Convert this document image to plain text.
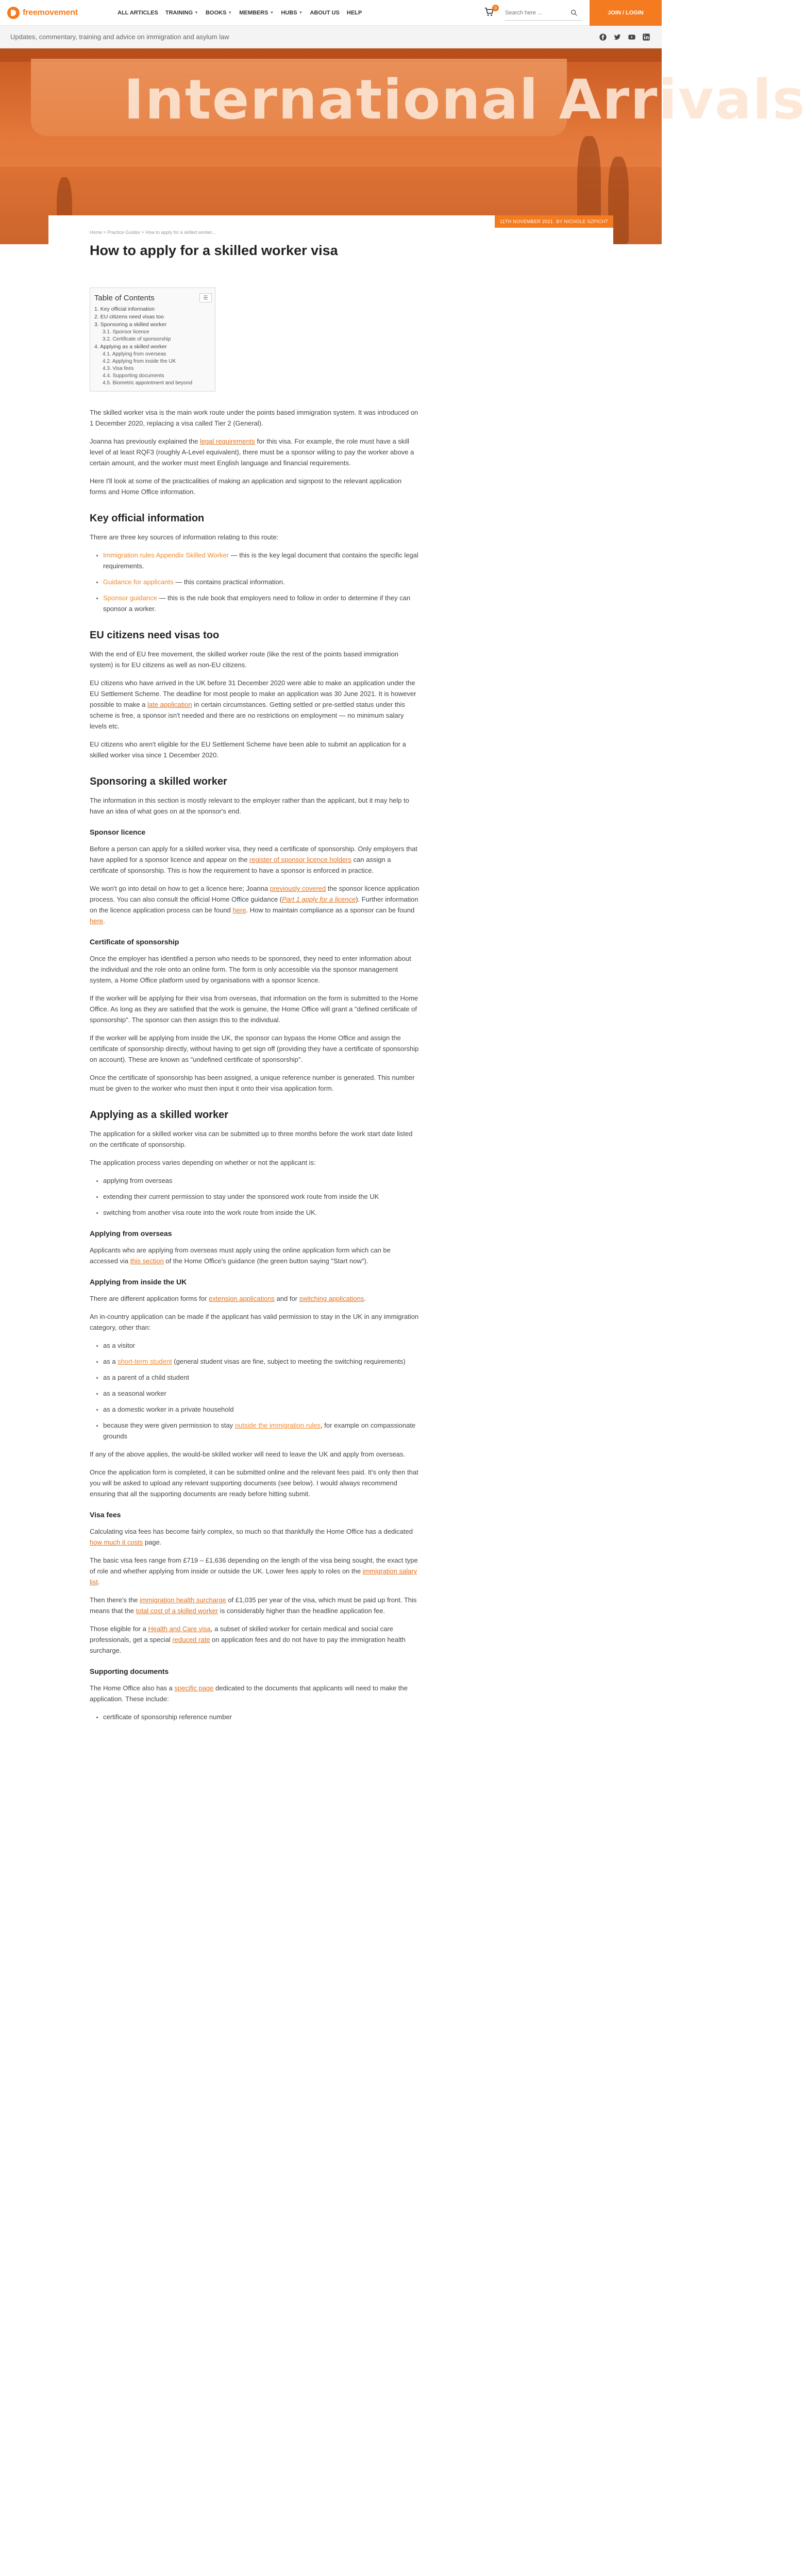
freemovement	ALL ARTICLES TRAINING ▼ BOOKS ▼ MEMBERS ▼ HUBS ▼ ABOUT US HELP
0
Search here ...
JOIN / LOGIN
Updates, commentary, training and advice on immigration and asylum law
International Arrivals
11TH NOVEMBER 2021 BY NICHOLE SZPICHT
Home > Practice Guides > How to apply for a skilled worker...
How to apply for a skilled worker visa
Table of Contents	☰
1. Key official information
2. EU citizens need visas too
3. Sponsoring a skilled worker
3.1. Sponsor licence
3.2. Certificate of sponsorship
4. Applying as a skilled worker
4.1. Applying from overseas
4.2. Applying from inside the UK
4.3. Visa fees
4.4. Supporting documents
4.5. Biometric appointment and beyond

The skilled worker visa is the main work route under the points based immigration system. It was introduced on 1 December 2020, replacing a visa called Tier 2 (General).

Joanna has previously explained the legal requirements for this visa. For example, the role must have a skill level of at least RQF3 (roughly A-Level equivalent), there must be a sponsor willing to pay the worker above a certain amount, and the worker must meet English language and financial requirements.

Here I'll look at some of the practicalities of making an application and signpost to the relevant application forms and Home Office information.

Key official information

There are three key sources of information relating to this route:

• Immigration rules Appendix Skilled Worker — this is the key legal document that contains the specific legal requirements.
• Guidance for applicants — this contains practical information.
• Sponsor guidance — this is the rule book that employers need to follow in order to determine if they can sponsor a worker.
EU citizens need visas too

With the end of EU free movement, the skilled worker route (like the rest of the points based immigration system) is for EU citizens as well as non-EU citizens.

EU citizens who have arrived in the UK before 31 December 2020 were able to make an application under the EU Settlement Scheme. The deadline for most people to make an application was 30 June 2021. It is however possible to make a late application in certain circumstances. Getting settled or pre-settled status under this scheme is free, a sponsor isn't needed and there are no restrictions on employment — no minimum salary levels etc.

EU citizens who aren't eligible for the EU Settlement Scheme have been able to submit an application for a skilled worker visa since 1 December 2020.

Sponsoring a skilled worker

The information in this section is mostly relevant to the employer rather than the applicant, but it may help to have an idea of what goes on at the sponsor's end.

Sponsor licence

Before a person can apply for a skilled worker visa, they need a certificate of sponsorship. Only employers that have applied for a sponsor licence and appear on the register of sponsor licence holders can assign a certificate of sponsorship. This is how the requirement to have a sponsor is enforced in practice.

We won't go into detail on how to get a licence here; Joanna previously covered the sponsor licence application process. You can also consult the official Home Office guidance (Part 1 apply for a licence). Further information on the licence application process can be found here. How to maintain compliance as a sponsor can be found here.

Certificate of sponsorship

Once the employer has identified a person who needs to be sponsored, they need to enter information about the individual and the role onto an online form. The form is only accessible via the sponsor management system, a Home Office platform used by organisations with a sponsor licence.

If the worker will be applying for their visa from overseas, that information on the form is submitted to the Home Office. As long as they are satisfied that the work is genuine, the Home Office will grant a "defined certificate of sponsorship". The sponsor can then assign this to the individual.

If the worker will be applying from inside the UK, the sponsor can bypass the Home Office and assign the certificate of sponsorship directly, without having to get sign off (providing they have a certificate of sponsorship on account). These are known as "undefined certificate of sponsorship".

Once the certificate of sponsorship has been assigned, a unique reference number is generated. This number must be given to the worker who must then input it onto their visa application form.

Applying as a skilled worker

The application for a skilled worker visa can be submitted up to three months before the work start date listed on the certificate of sponsorship.

The application process varies depending on whether or not the applicant is:

• applying from overseas
• extending their current permission to stay under the sponsored work route from inside the UK
• switching from another visa route into the work route from inside the UK.
Applying from overseas

Applicants who are applying from overseas must apply using the online application form which can be accessed via this section of the Home Office's guidance (the green button saying "Start now").

Applying from inside the UK

There are different application forms for extension applications and for switching applications.

An in-country application can be made if the applicant has valid permission to stay in the UK in any immigration category, other than:

• as a visitor
• as a short-term student (general student visas are fine, subject to meeting the switching requirements)
• as a parent of a child student
• as a seasonal worker
• as a domestic worker in a private household
• because they were given permission to stay outside the immigration rules, for example on compassionate grounds

If any of the above applies, the would-be skilled worker will need to leave the UK and apply from overseas.

Once the application form is completed, it can be submitted online and the relevant fees paid. It's only then that you will be asked to upload any relevant supporting documents (see below). I would always recommend ensuring that all the supporting documents are ready before hitting submit.

Visa fees

Calculating visa fees has become fairly complex, so much so that thankfully the Home Office has a dedicated how much it costs page.

The basic visa fees range from £719 – £1,636 depending on the length of the visa being sought, the exact type of role and whether applying from inside or outside the UK. Lower fees apply to roles on the immigration salary list.

Then there's the immigration health surcharge of £1,035 per year of the visa, which must be paid up front. This means that the total cost of a skilled worker is considerably higher than the headline application fee.

Those eligible for a Health and Care visa, a subset of skilled worker for certain medical and social care professionals, get a special reduced rate on application fees and do not have to pay the immigration health surcharge.

Supporting documents

The Home Office also has a specific page dedicated to the documents that applicants will need to make the application. These include:

• certificate of sponsorship reference number
